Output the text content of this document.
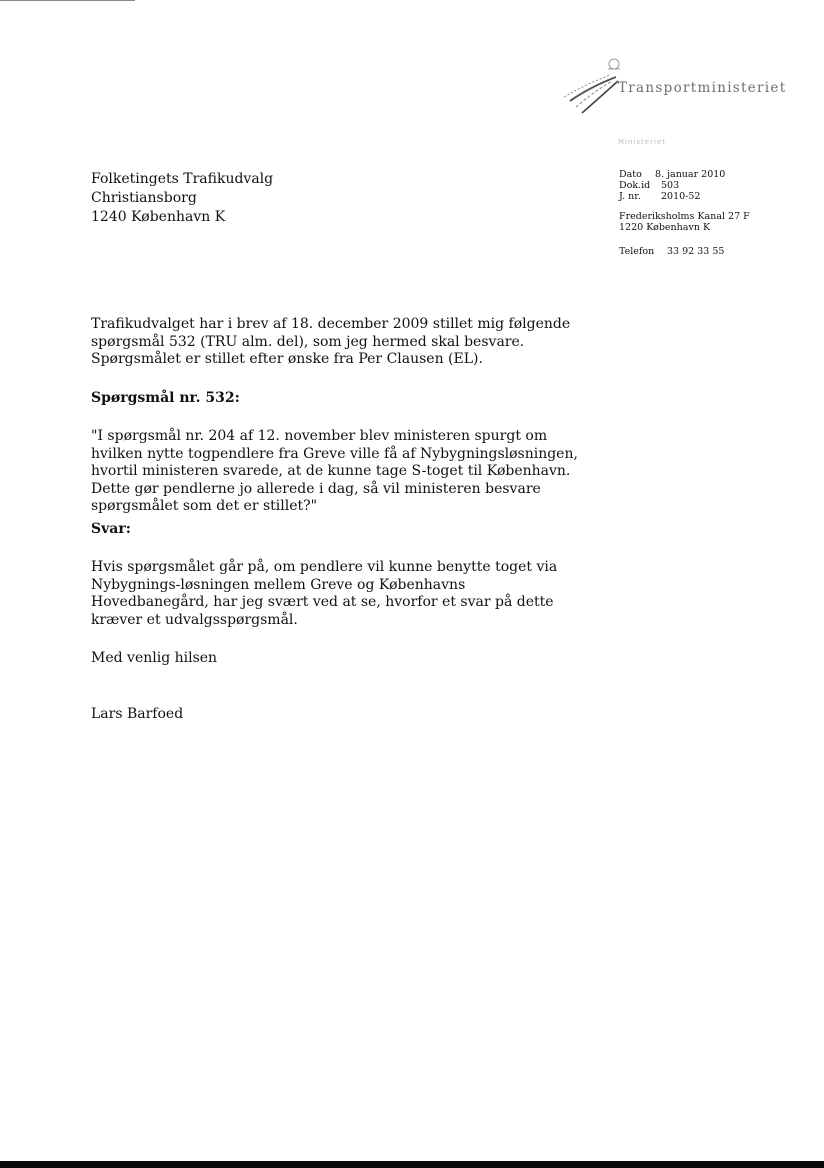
Transportministeriet
Ministeriet
Folketingets Trafikudvalg
Christiansborg
1240 København K
Dato	8. januar 2010
Dok.id 503
J. nr.	2010-52
Frederiksholms Kanal 27 F
1220 København K
Telefon	33 92 33 55

Trafikudvalget har i brev af 18. december 2009 stillet mig følgende spørgsmål 532 (TRU alm. del), som jeg hermed skal besvare. Spørgsmålet er stillet efter ønske fra Per Clausen (EL).

Spørgsmål nr. 532:

"I spørgsmål nr. 204 af 12. november blev ministeren spurgt om hvilken nytte togpendlere fra Greve ville få af Nybygningsløsningen, hvortil ministeren svarede, at de kunne tage S-toget til København. Dette gør pendlerne jo allerede i dag, så vil ministeren besvare spørgsmålet som det er stillet?"

Svar:

Hvis spørgsmålet går på, om pendlere vil kunne benytte toget via Nybygnings-løsningen mellem Greve og Københavns Hovedbanegård, har jeg svært ved at se, hvorfor et svar på dette kræver et udvalgsspørgsmål.

Med venlig hilsen
Lars Barfoed
